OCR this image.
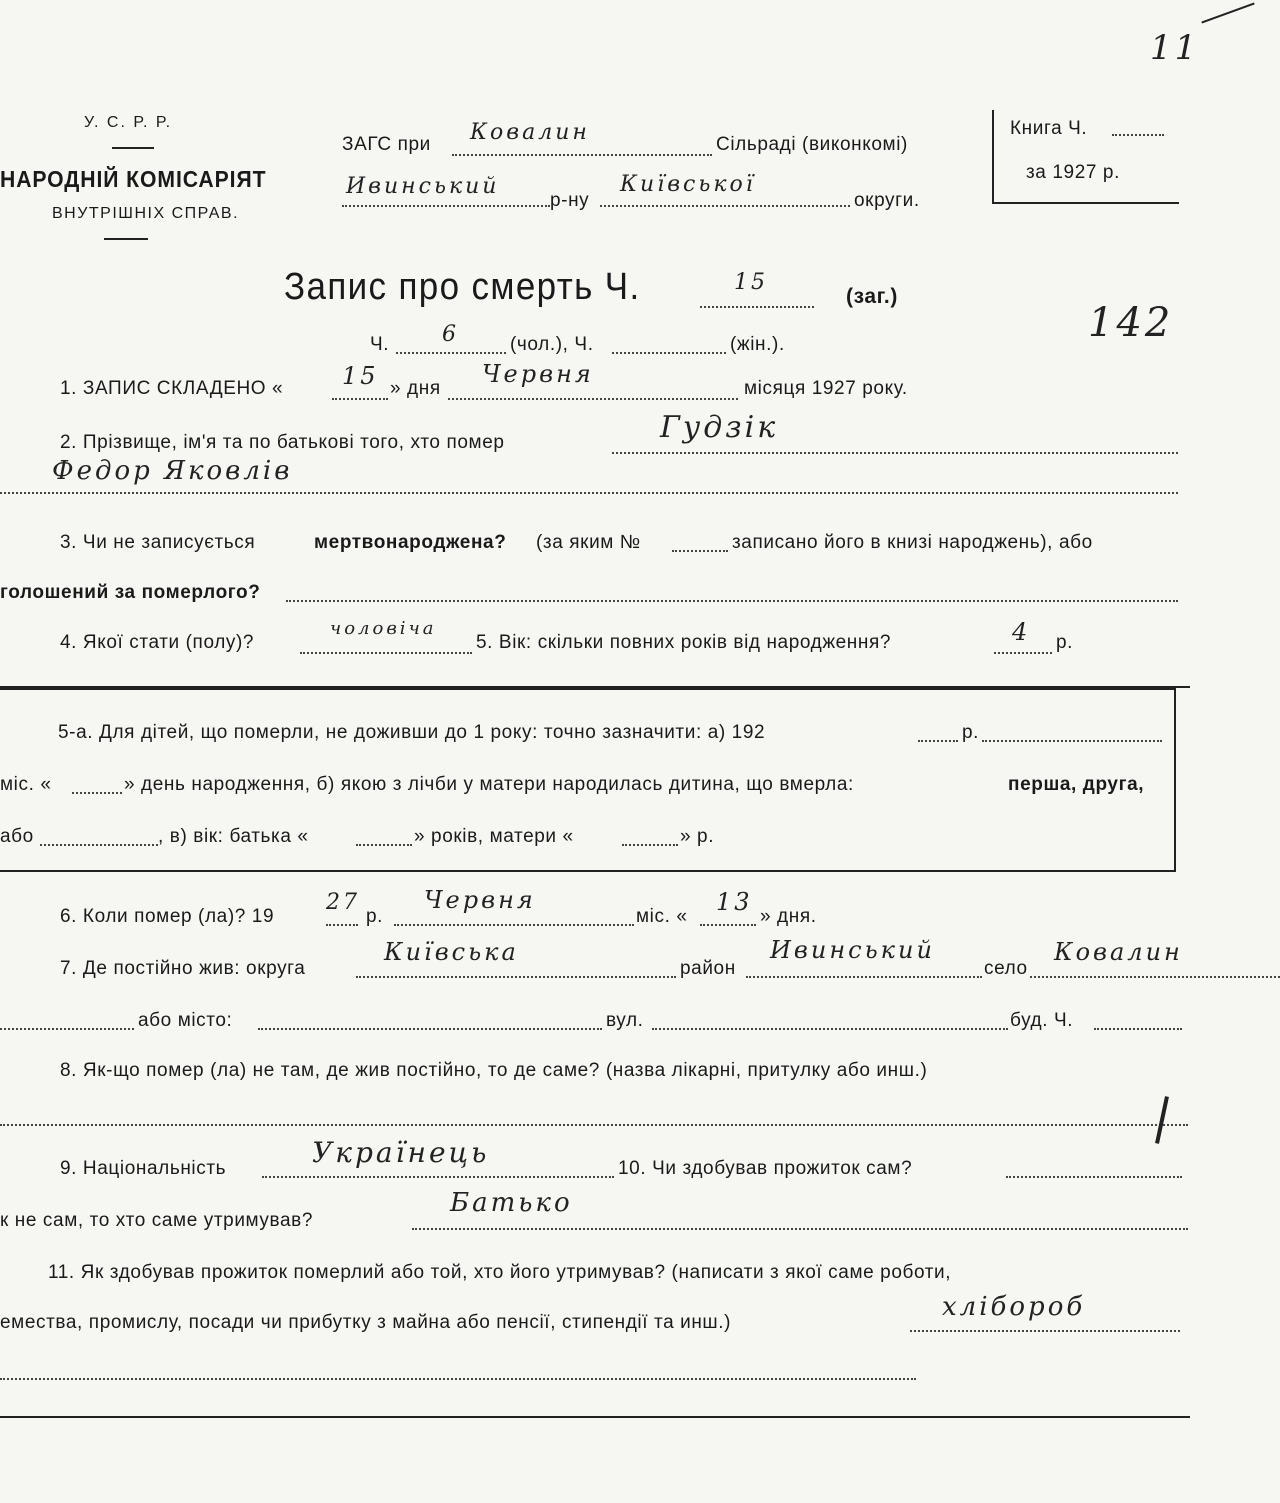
У. С. Р. Р.
НАРОДНІЙ КОМІСАРІЯТ
ВНУТРІШНІХ СПРАВ.
ЗАГС при Ковалин	Сільраді (виконкомі)
Ивинський
р-ну
Київської
округи.
Книга Ч.
за 1927 р.
11
Запис про смерть Ч.	15
(заг.)
142
Ч. 6	(чол.), Ч.	(жін.).
1. ЗАПИС СКЛАДЕНО « 15 » дня
Червня
місяця 1927 року.
2. Прізвище, ім'я та по батькові того, хто помер	Гудзік
Федор Яковлів
3. Чи не записується	мертвонароджена? (за яким №	записано його в книзі народжень), або
голошений за померлого?
4. Якої стати (полу)?
чоловіча
5. Вік: скільки повних років від народження?	4 р.
5-а. Для дітей, що померли, не доживши до 1 року: точно зазначити: а) 192	р.
міс. «	» день народження, б) якою з лічби у матери народилась дитина, що вмерла:	перша, друга,
або	, в) вік: батька «	» років, матери «	» р.
6. Коли помер (ла)? 19
27
р.
Червня
міс. «
13
» дня.
7. Де постійно жив: округа
Київська
район
Ивинський
село
Ковалин
або місто:	вул.	буд. Ч.
8. Як-що помер (ла) не там, де жив постійно, то де саме? (назва лікарні, притулку або инш.)
9. Національність	Українець	10. Чи здобував прожиток сам?
к не сам, то хто саме утримував?
Батько
11. Як здобував прожиток померлий або той, хто його утримував? (написати з якої саме роботи,
емества, промислу, посади чи прибутку з майна або пенсії, стипендії та инш.)
хлібороб
